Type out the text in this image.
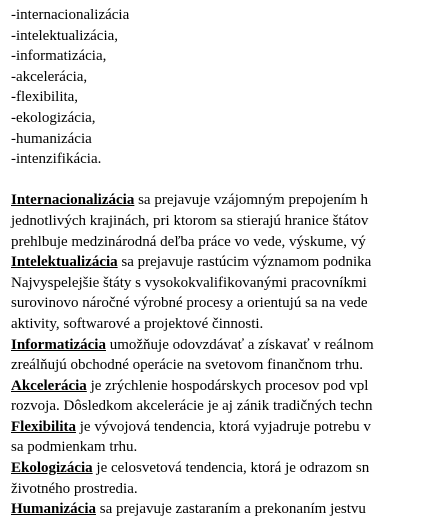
-internacionalizácia
-intelektualizácia,
-informatizácia,
-akcelerácia,
-flexibilita,
-ekologizácia,
-humanizácia
-intenzifikácia.
Internacionalizácia sa prejavuje vzájomným prepojením h
jednotlivých krajinách, pri ktorom sa stierajú hranice štátov
prehlbuje medzinárodná deľba práce vo vede, výskume, vý
Intelektualizácia sa prejavuje rastúcim významom podnika
Najvyspelejšie štáty s vysokokvalifikovanými pracovníkmi
surovinovo náročné výrobné procesy a orientujú sa na vede
aktivity, softwarové a projektové činnosti.
Informatizácia umožňuje odovzdávať a získavať v reálnom
zreálňujú obchodné operácie na svetovom finančnom trhu.
Akcelerácia je zrýchlenie hospodárskych procesov pod vpl
rozvoja. Dôsledkom akcelerácie je aj zánik tradičných techn
Flexibilita je vývojová tendencia, ktorá vyjadruje potrebu v
sa podmienkam trhu.
Ekologizácia je celosvetová tendencia, ktorá je odrazom sn
životného prostredia.
Humanizácia sa prejavuje zastaraním a prekonaním jestvu
